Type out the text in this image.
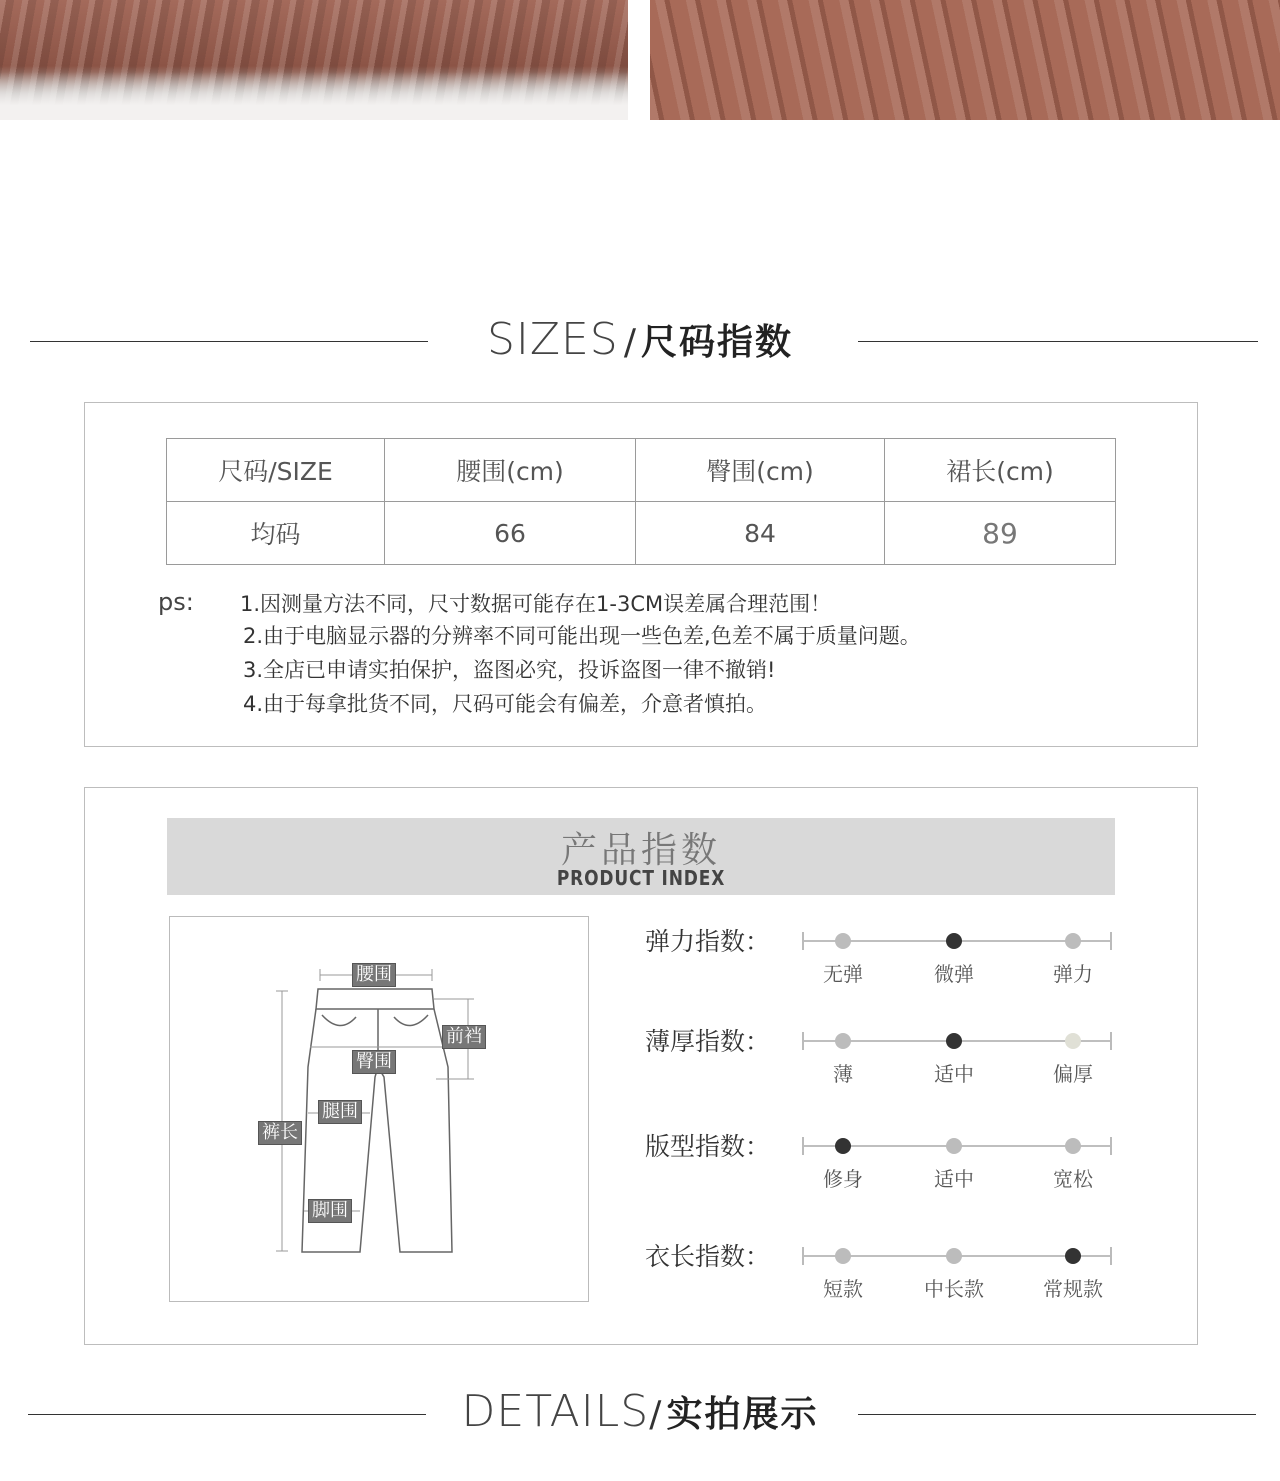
SIZES / 尺码指数
尺码/SIZE	腰围(cm)	臀围(cm)	裙长(cm)
均码	66	84	89
ps: 1.因测量方法不同，尺寸数据可能存在1-3CM误差属合理范围！
2.由于电脑显示器的分辨率不同可能出现一些色差,色差不属于质量问题。
3.全店已申请实拍保护，盗图必究，投诉盗图一律不撤销!
4.由于每拿批货不同，尺码可能会有偏差，介意者慎拍。
产品指数
PRODUCT INDEX
腰围
前裆
臀围
腿围
裤长
脚围
弹力指数：
无弹	微弹	弹力
薄厚指数：
薄	适中	偏厚
版型指数：
修身	适中	宽松
衣长指数：
短款	中长款	常规款
DETAILS/ 实拍展示
